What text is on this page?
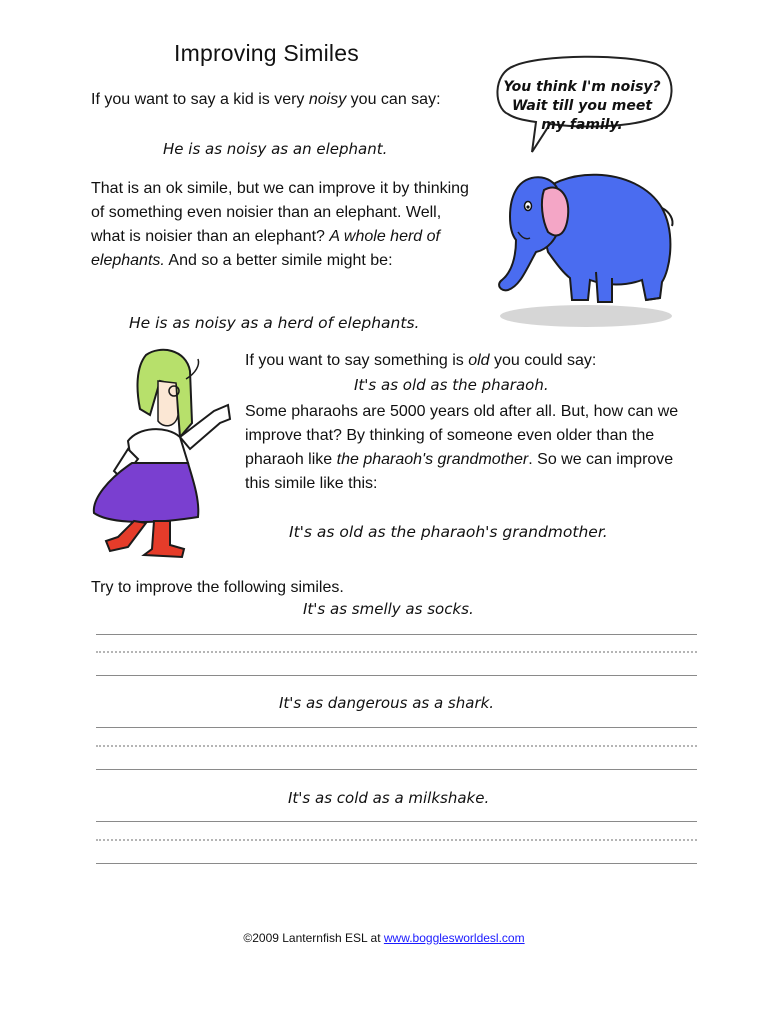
Improving Similes

If you want to say a kid is very noisy you can say:

He is as noisy as an elephant.

That is an ok simile, but we can improve it by thinking of something even noisier than an elephant. Well, what is noisier than an elephant? A whole herd of elephants. And so a better simile might be:

He is as noisy as a herd of elephants.
You think I'm noisy?
Wait till you meet
my family.

If you want to say something is old you could say:

It's as old as the pharaoh.

Some pharaohs are 5000 years old after all. But, how can we improve that? By thinking of someone even older than the pharaoh like the pharaoh's grandmother. So we can improve this simile like this:

It's as old as the pharaoh's grandmother.

Try to improve the following similes.

It's as smelly as socks.
It's as dangerous as a shark.
It's as cold as a milkshake.
©2009 Lanternfish ESL at www.bogglesworldesl.com
